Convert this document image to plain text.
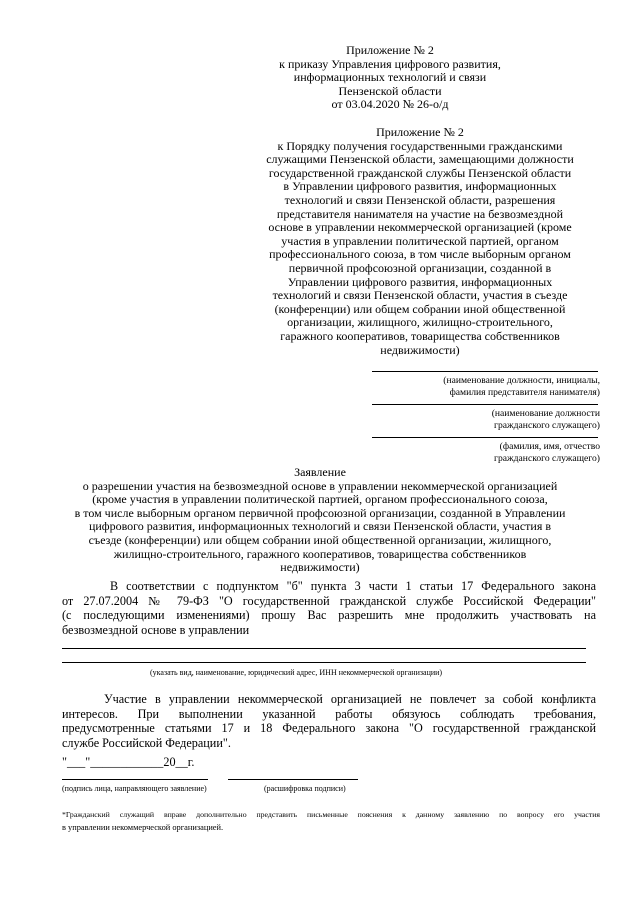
Приложение № 2
к приказу Управления цифрового развития,
информационных технологий и связи
Пензенской области
от 03.04.2020 № 26-о/д
Приложение № 2
к Порядку получения государственными гражданскими
служащими Пензенской области, замещающими должности
государственной гражданской службы Пензенской области
в Управлении цифрового развития, информационных
технологий и связи Пензенской области, разрешения
представителя нанимателя на участие на безвозмездной
основе в управлении некоммерческой организацией (кроме
участия в управлении политической партией, органом
профессионального союза, в том числе выборным органом
первичной профсоюзной организации, созданной в
Управлении цифрового развития, информационных
технологий и связи Пензенской области, участия в съезде
(конференции) или общем собрании иной общественной
организации, жилищного, жилищно-строительного,
гаражного кооперативов, товарищества собственников
недвижимости)
(наименование должности, инициалы,
фамилия представителя нанимателя)
(наименование должности
гражданского служащего)
(фамилия, имя, отчество
гражданского служащего)
Заявление
о разрешении участия на безвозмездной основе в управлении некоммерческой организацией
(кроме участия в управлении политической партией, органом профессионального союза,
в том числе выборным органом первичной профсоюзной организации, созданной в Управлении
цифрового развития, информационных технологий и связи Пензенской области, участия в
съезде (конференции) или общем собрании иной общественной организации, жилищного,
жилищно-строительного, гаражного кооперативов, товарищества собственников
недвижимости)
В соответствии с подпунктом "б" пункта 3 части 1 статьи 17 Федерального закона
от 27.07.2004 № 79-ФЗ "О государственной гражданской службе Российской Федерации"
(с последующими изменениями) прошу Вас разрешить мне продолжить участвовать на
безвозмездной основе в управлении
(указать вид, наименование, юридический адрес, ИНН некоммерческой организации)
Участие в управлении некоммерческой организацией не повлечет за собой конфликта
интересов. При выполнении указанной работы обязуюсь соблюдать требования,
предусмотренные статьями 17 и 18 Федерального закона "О государственной гражданской
службе Российской Федерации".
"___"____________20__г.
(подпись лица, направляющего заявление)	(расшифровка подписи)
*Гражданский служащий вправе дополнительно представить письменные пояснения к данному заявлению по вопросу его участия
в управлении некоммерческой организацией.
